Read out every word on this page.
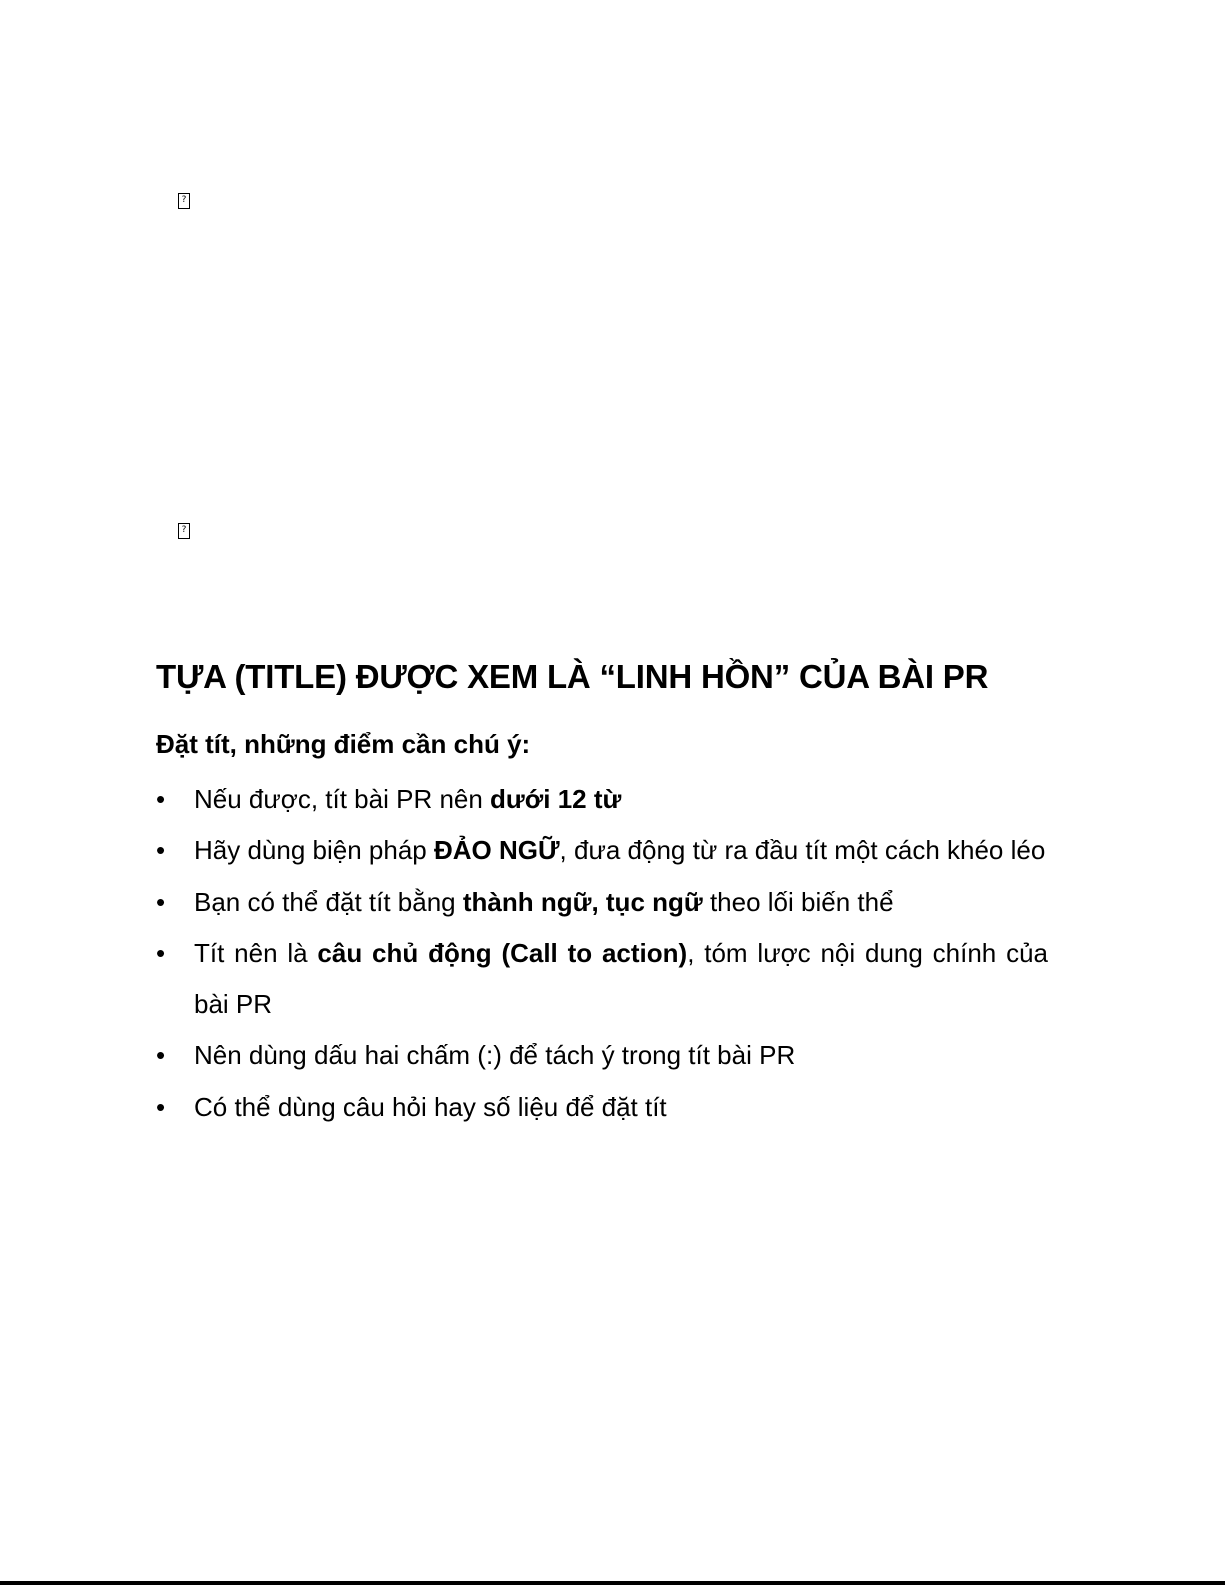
?
?
TỰA (TITLE) ĐƯỢC XEM LÀ “LINH HỒN” CỦA BÀI PR
Đặt tít, những điểm cần chú ý:
• Nếu được, tít bài PR nên dưới 12 từ
• Hãy dùng biện pháp ĐẢO NGỮ, đưa động từ ra đầu tít một cách khéo léo
• Bạn có thể đặt tít bằng thành ngữ, tục ngữ theo lối biến thể
• Tít nên là câu chủ động (Call to action), tóm lược nội dung chính của bài PR
• Nên dùng dấu hai chấm (:) để tách ý trong tít bài PR
• Có thể dùng câu hỏi hay số liệu để đặt tít
